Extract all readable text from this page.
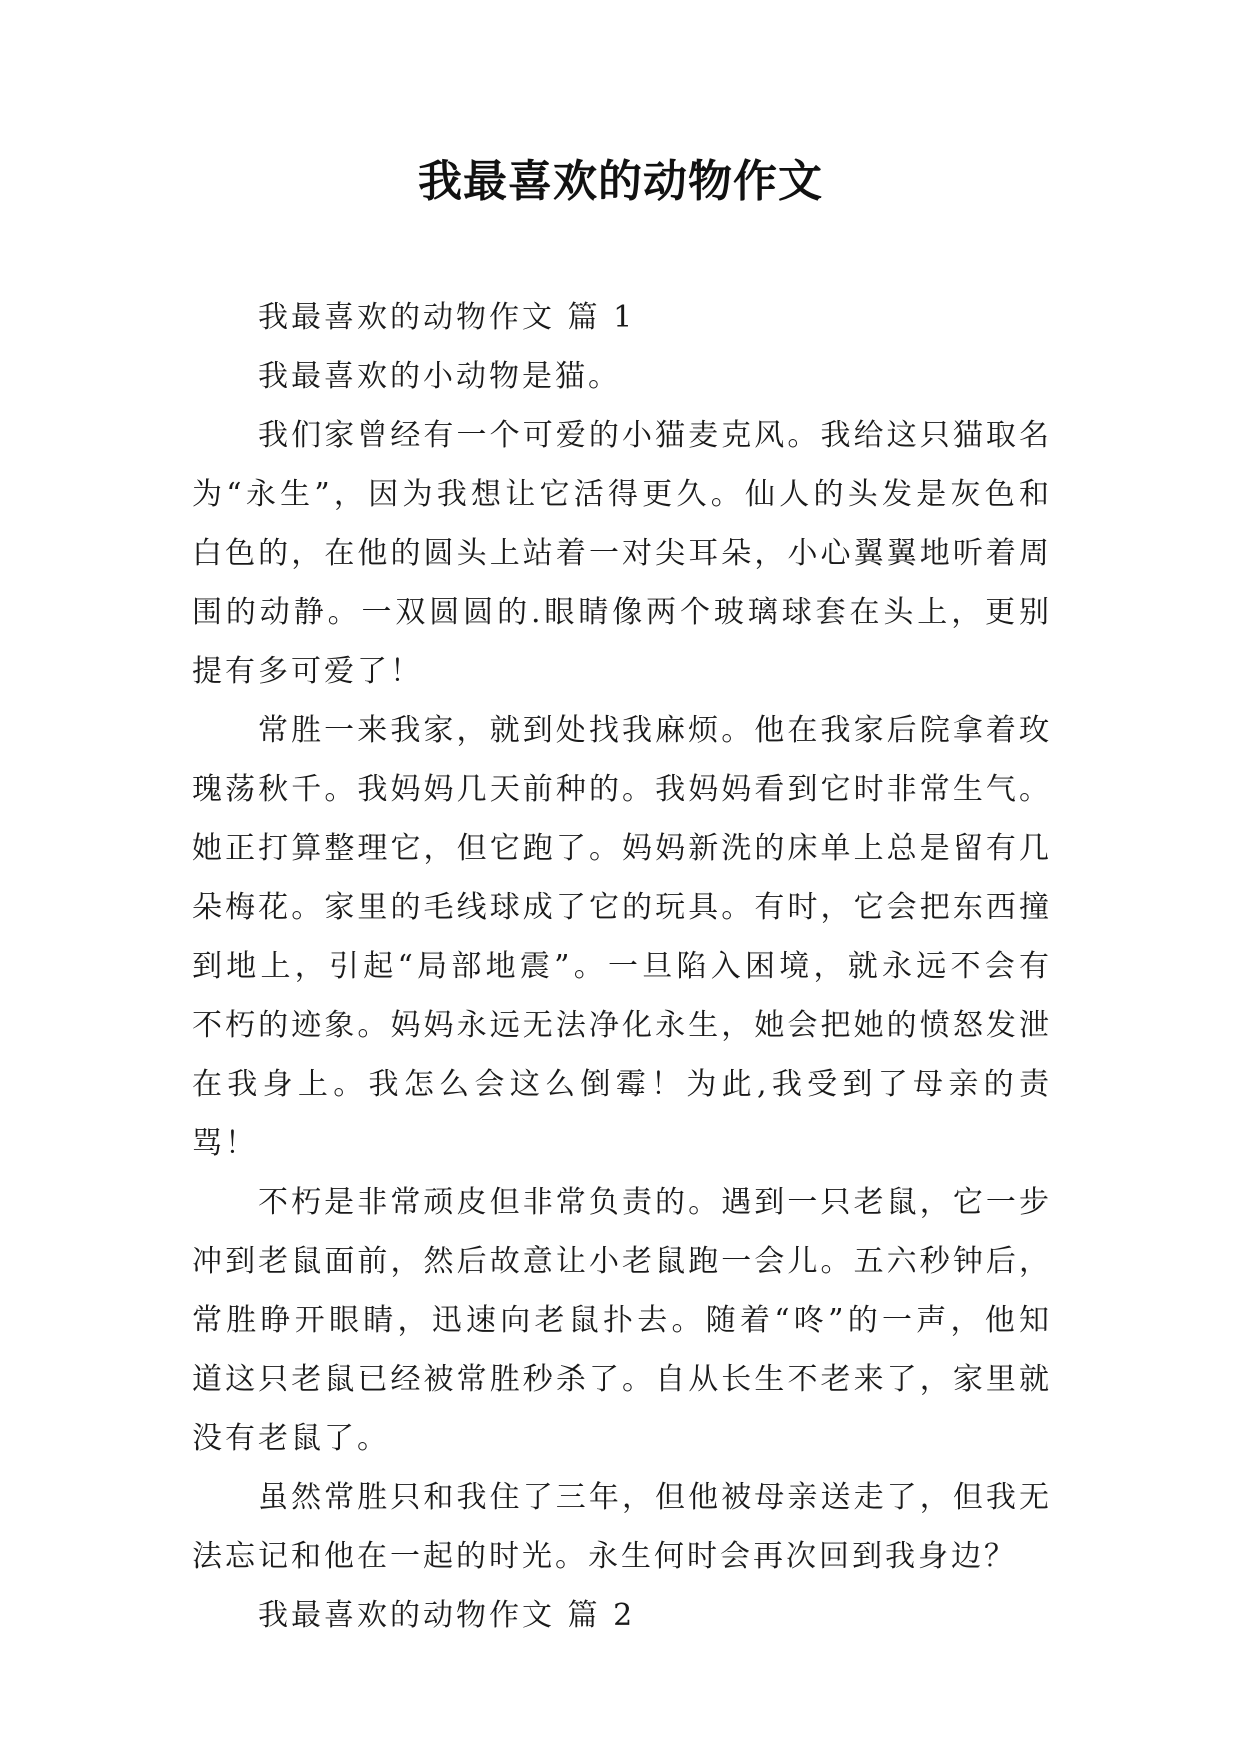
我最喜欢的动物作文

我最喜欢的动物作文 篇 1

我最喜欢的小动物是猫。

我们家曾经有一个可爱的小猫麦克风。我给这只猫取名为“永生”，因为我想让它活得更久。仙人的头发是灰色和白色的，在他的圆头上站着一对尖耳朵，小心翼翼地听着周围的动静。一双圆圆的.眼睛像两个玻璃球套在头上，更别提有多可爱了！

常胜一来我家，就到处找我麻烦。他在我家后院拿着玫瑰荡秋千。我妈妈几天前种的。我妈妈看到它时非常生气。她正打算整理它，但它跑了。妈妈新洗的床单上总是留有几朵梅花。家里的毛线球成了它的玩具。有时，它会把东西撞到地上，引起“局部地震”。一旦陷入困境，就永远不会有不朽的迹象。妈妈永远无法净化永生，她会把她的愤怒发泄在我身上。我怎么会这么倒霉！为此,我受到了母亲的责骂！

不朽是非常顽皮但非常负责的。遇到一只老鼠，它一步冲到老鼠面前，然后故意让小老鼠跑一会儿。五六秒钟后，常胜睁开眼睛，迅速向老鼠扑去。随着“咚”的一声，他知道这只老鼠已经被常胜秒杀了。自从长生不老来了，家里就没有老鼠了。

虽然常胜只和我住了三年，但他被母亲送走了，但我无法忘记和他在一起的时光。永生何时会再次回到我身边？

我最喜欢的动物作文 篇 2
